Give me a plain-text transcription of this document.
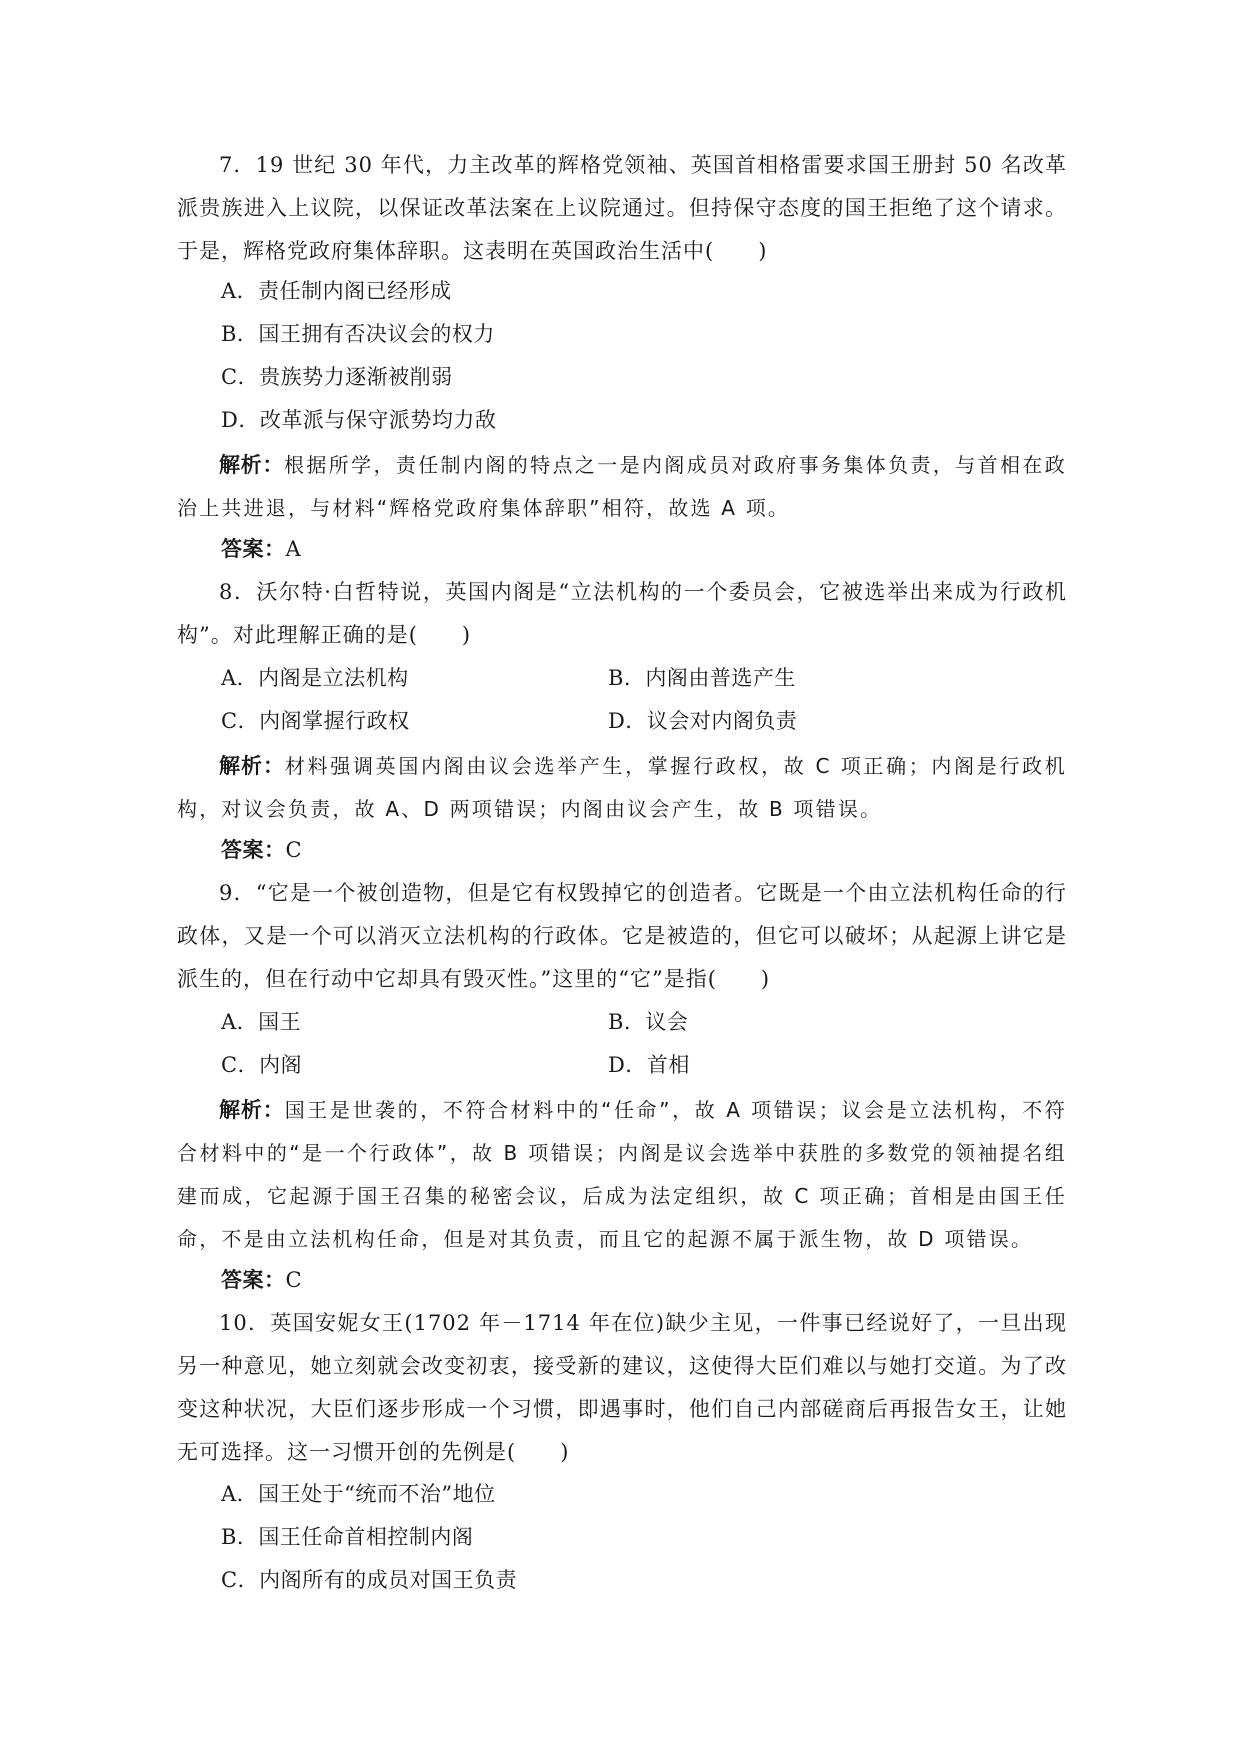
7．19 世纪 30 年代，力主改革的辉格党领袖、英国首相格雷要求国王册封 50 名改革派贵族进入上议院，以保证改革法案在上议院通过。但持保守态度的国王拒绝了这个请求。于是，辉格党政府集体辞职。这表明在英国政治生活中(　　)
A．责任制内阁已经形成
B．国王拥有否决议会的权力
C．贵族势力逐渐被削弱
D．改革派与保守派势均力敌
解析：根据所学，责任制内阁的特点之一是内阁成员对政府事务集体负责，与首相在政治上共进退，与材料“辉格党政府集体辞职”相符，故选 A 项。
答案：A
8．沃尔特·白哲特说，英国内阁是“立法机构的一个委员会，它被选举出来成为行政机构”。对此理解正确的是(　　)
A．内阁是立法机构	B．内阁由普选产生
C．内阁掌握行政权	D．议会对内阁负责
解析：材料强调英国内阁由议会选举产生，掌握行政权，故 C 项正确；内阁是行政机构，对议会负责，故 A、D 两项错误；内阁由议会产生，故 B 项错误。
答案：C
9．“它是一个被创造物，但是它有权毁掉它的创造者。它既是一个由立法机构任命的行政体，又是一个可以消灭立法机构的行政体。它是被造的，但它可以破坏；从起源上讲它是派生的，但在行动中它却具有毁灭性。”这里的“它”是指(　　)
A．国王	B．议会
C．内阁	D．首相
解析：国王是世袭的，不符合材料中的“任命”，故 A 项错误；议会是立法机构，不符合材料中的“是一个行政体”，故 B 项错误；内阁是议会选举中获胜的多数党的领袖提名组建而成，它起源于国王召集的秘密会议，后成为法定组织，故 C 项正确；首相是由国王任命，不是由立法机构任命，但是对其负责，而且它的起源不属于派生物，故 D 项错误。
答案：C
10．英国安妮女王(1702 年－1714 年在位)缺少主见，一件事已经说好了，一旦出现另一种意见，她立刻就会改变初衷，接受新的建议，这使得大臣们难以与她打交道。为了改变这种状况，大臣们逐步形成一个习惯，即遇事时，他们自己内部磋商后再报告女王，让她无可选择。这一习惯开创的先例是(　　)
A．国王处于“统而不治”地位
B．国王任命首相控制内阁
C．内阁所有的成员对国王负责
